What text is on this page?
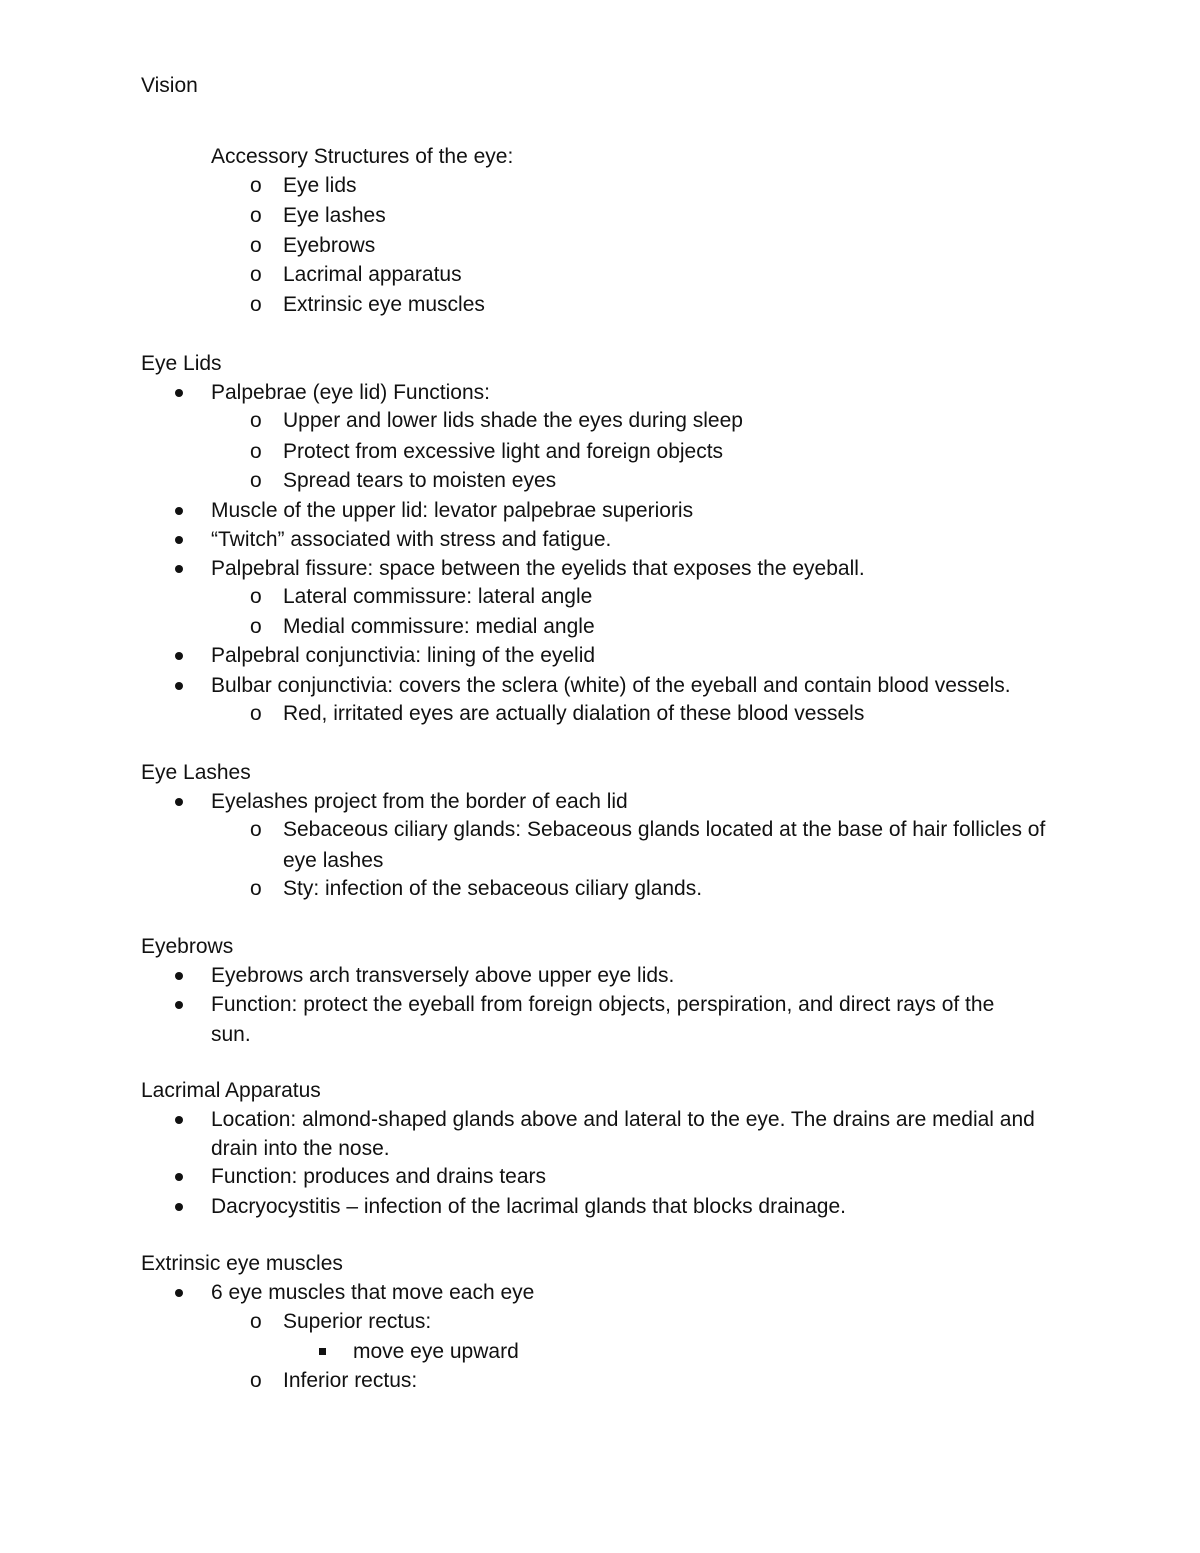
Vision
Accessory Structures of the eye:
o Eye lids
o Eye lashes
o Eyebrows
o Lacrimal apparatus
o Extrinsic eye muscles
Eye Lids
Palpebrae (eye lid) Functions:
o Upper and lower lids shade the eyes during sleep
o Protect from excessive light and foreign objects
o Spread tears to moisten eyes
Muscle of the upper lid: levator palpebrae superioris
“Twitch” associated with stress and fatigue.
Palpebral fissure: space between the eyelids that exposes the eyeball.
o Lateral commissure: lateral angle
o Medial commissure: medial angle
Palpebral conjunctivia: lining of the eyelid
Bulbar conjunctivia: covers the sclera (white) of the eyeball and contain blood vessels.
o Red, irritated eyes are actually dialation of these blood vessels
Eye Lashes
Eyelashes project from the border of each lid
o Sebaceous ciliary glands: Sebaceous glands located at the base of hair follicles of
eye lashes
o Sty: infection of the sebaceous ciliary glands.
Eyebrows
Eyebrows arch transversely above upper eye lids.
Function: protect the eyeball from foreign objects, perspiration, and direct rays of the
sun.
Lacrimal Apparatus
Location: almond-shaped glands above and lateral to the eye. The drains are medial and
drain into the nose.
Function: produces and drains tears
Dacryocystitis – infection of the lacrimal glands that blocks drainage.
Extrinsic eye muscles
6 eye muscles that move each eye
o Superior rectus:
move eye upward
o Inferior rectus:
